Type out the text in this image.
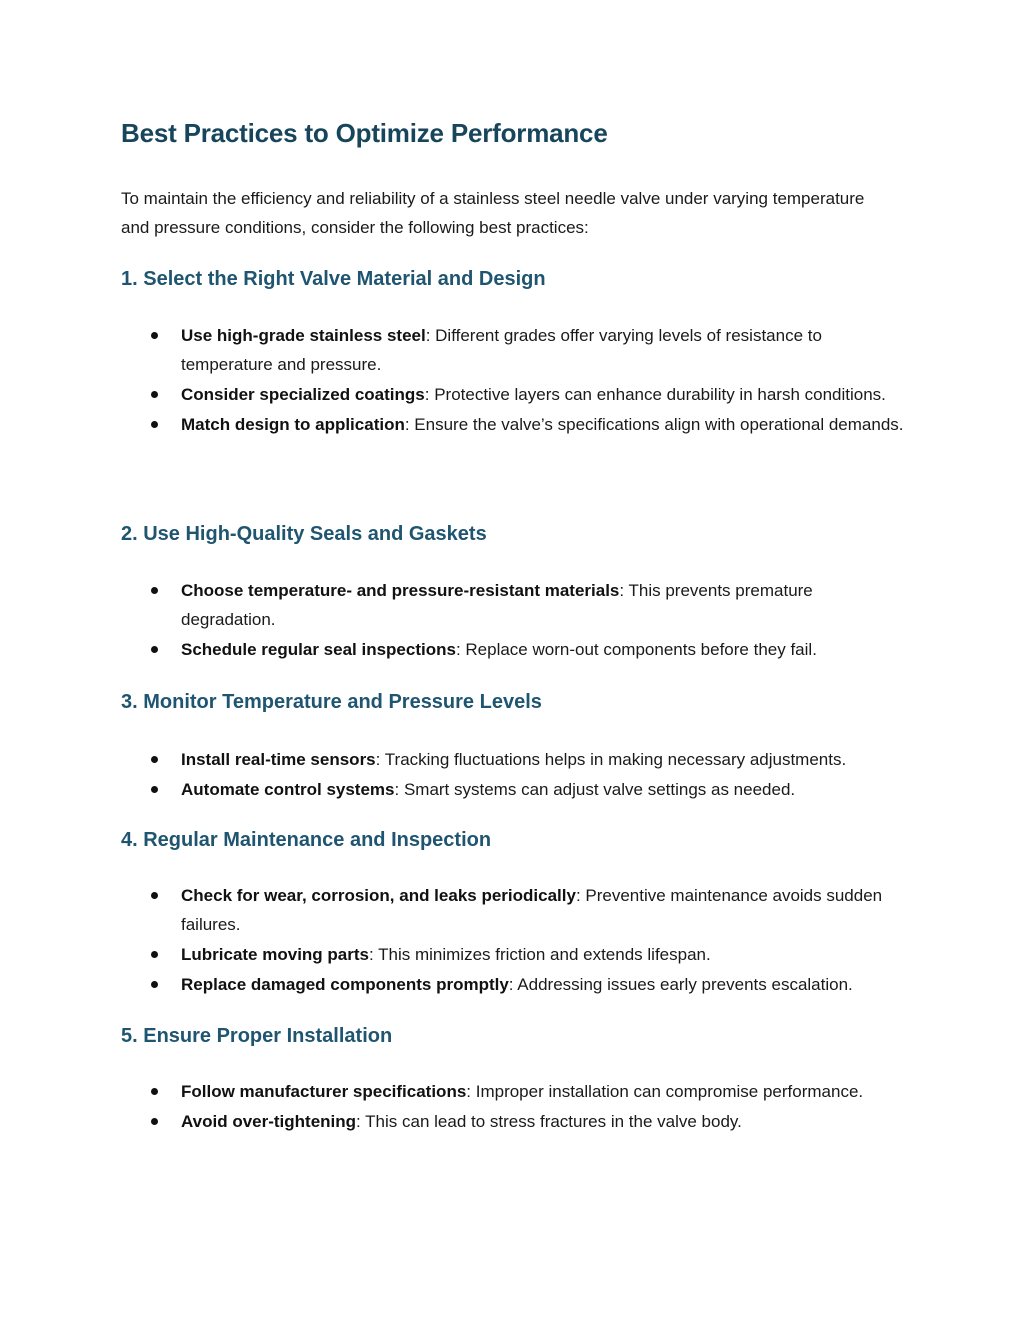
Best Practices to Optimize Performance

To maintain the efficiency and reliability of a stainless steel needle valve under varying temperature and pressure conditions, consider the following best practices:

1. Select the Right Valve Material and Design
Use high-grade stainless steel: Different grades offer varying levels of resistance to temperature and pressure.
Consider specialized coatings: Protective layers can enhance durability in harsh conditions.
Match design to application: Ensure the valve’s specifications align with operational demands.
2. Use High-Quality Seals and Gaskets
Choose temperature- and pressure-resistant materials: This prevents premature degradation.
Schedule regular seal inspections: Replace worn-out components before they fail.
3. Monitor Temperature and Pressure Levels
Install real-time sensors: Tracking fluctuations helps in making necessary adjustments.
Automate control systems: Smart systems can adjust valve settings as needed.
4. Regular Maintenance and Inspection
Check for wear, corrosion, and leaks periodically: Preventive maintenance avoids sudden failures.
Lubricate moving parts: This minimizes friction and extends lifespan.
Replace damaged components promptly: Addressing issues early prevents escalation.
5. Ensure Proper Installation
Follow manufacturer specifications: Improper installation can compromise performance.
Avoid over-tightening: This can lead to stress fractures in the valve body.
